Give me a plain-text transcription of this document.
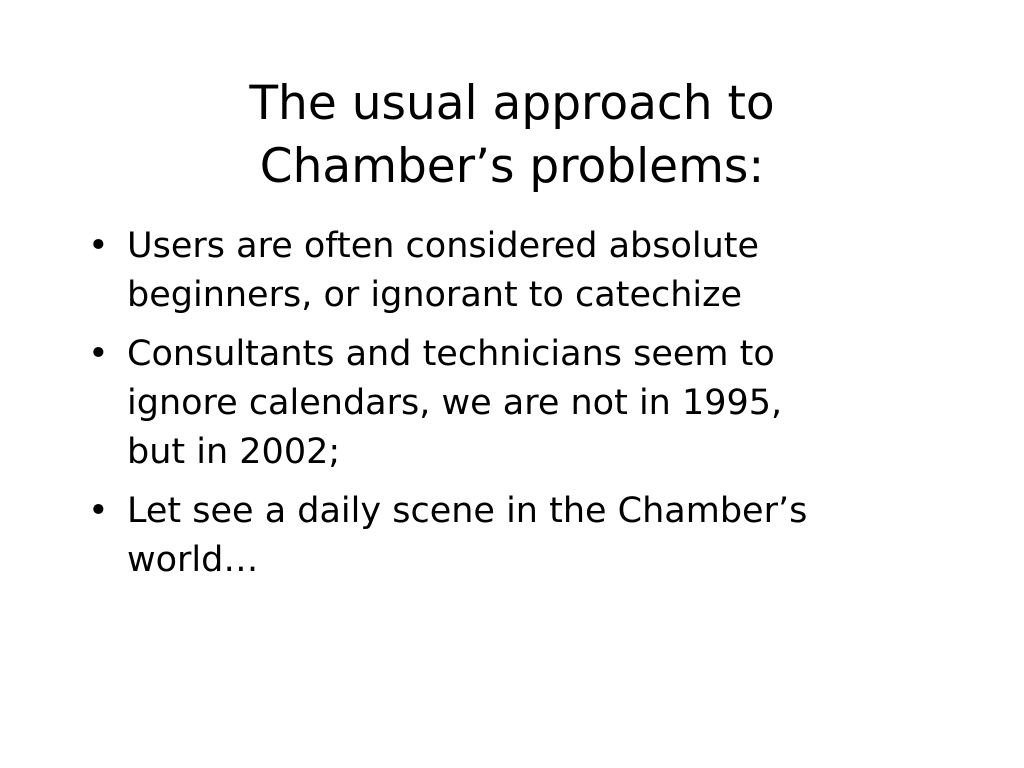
The usual approach to
Chamber’s problems:
• Users are often considered absolute
beginners, or ignorant to catechize
• Consultants and technicians seem to
ignore calendars, we are not in 1995,
but in 2002;
• Let see a daily scene in the Chamber’s
world…
